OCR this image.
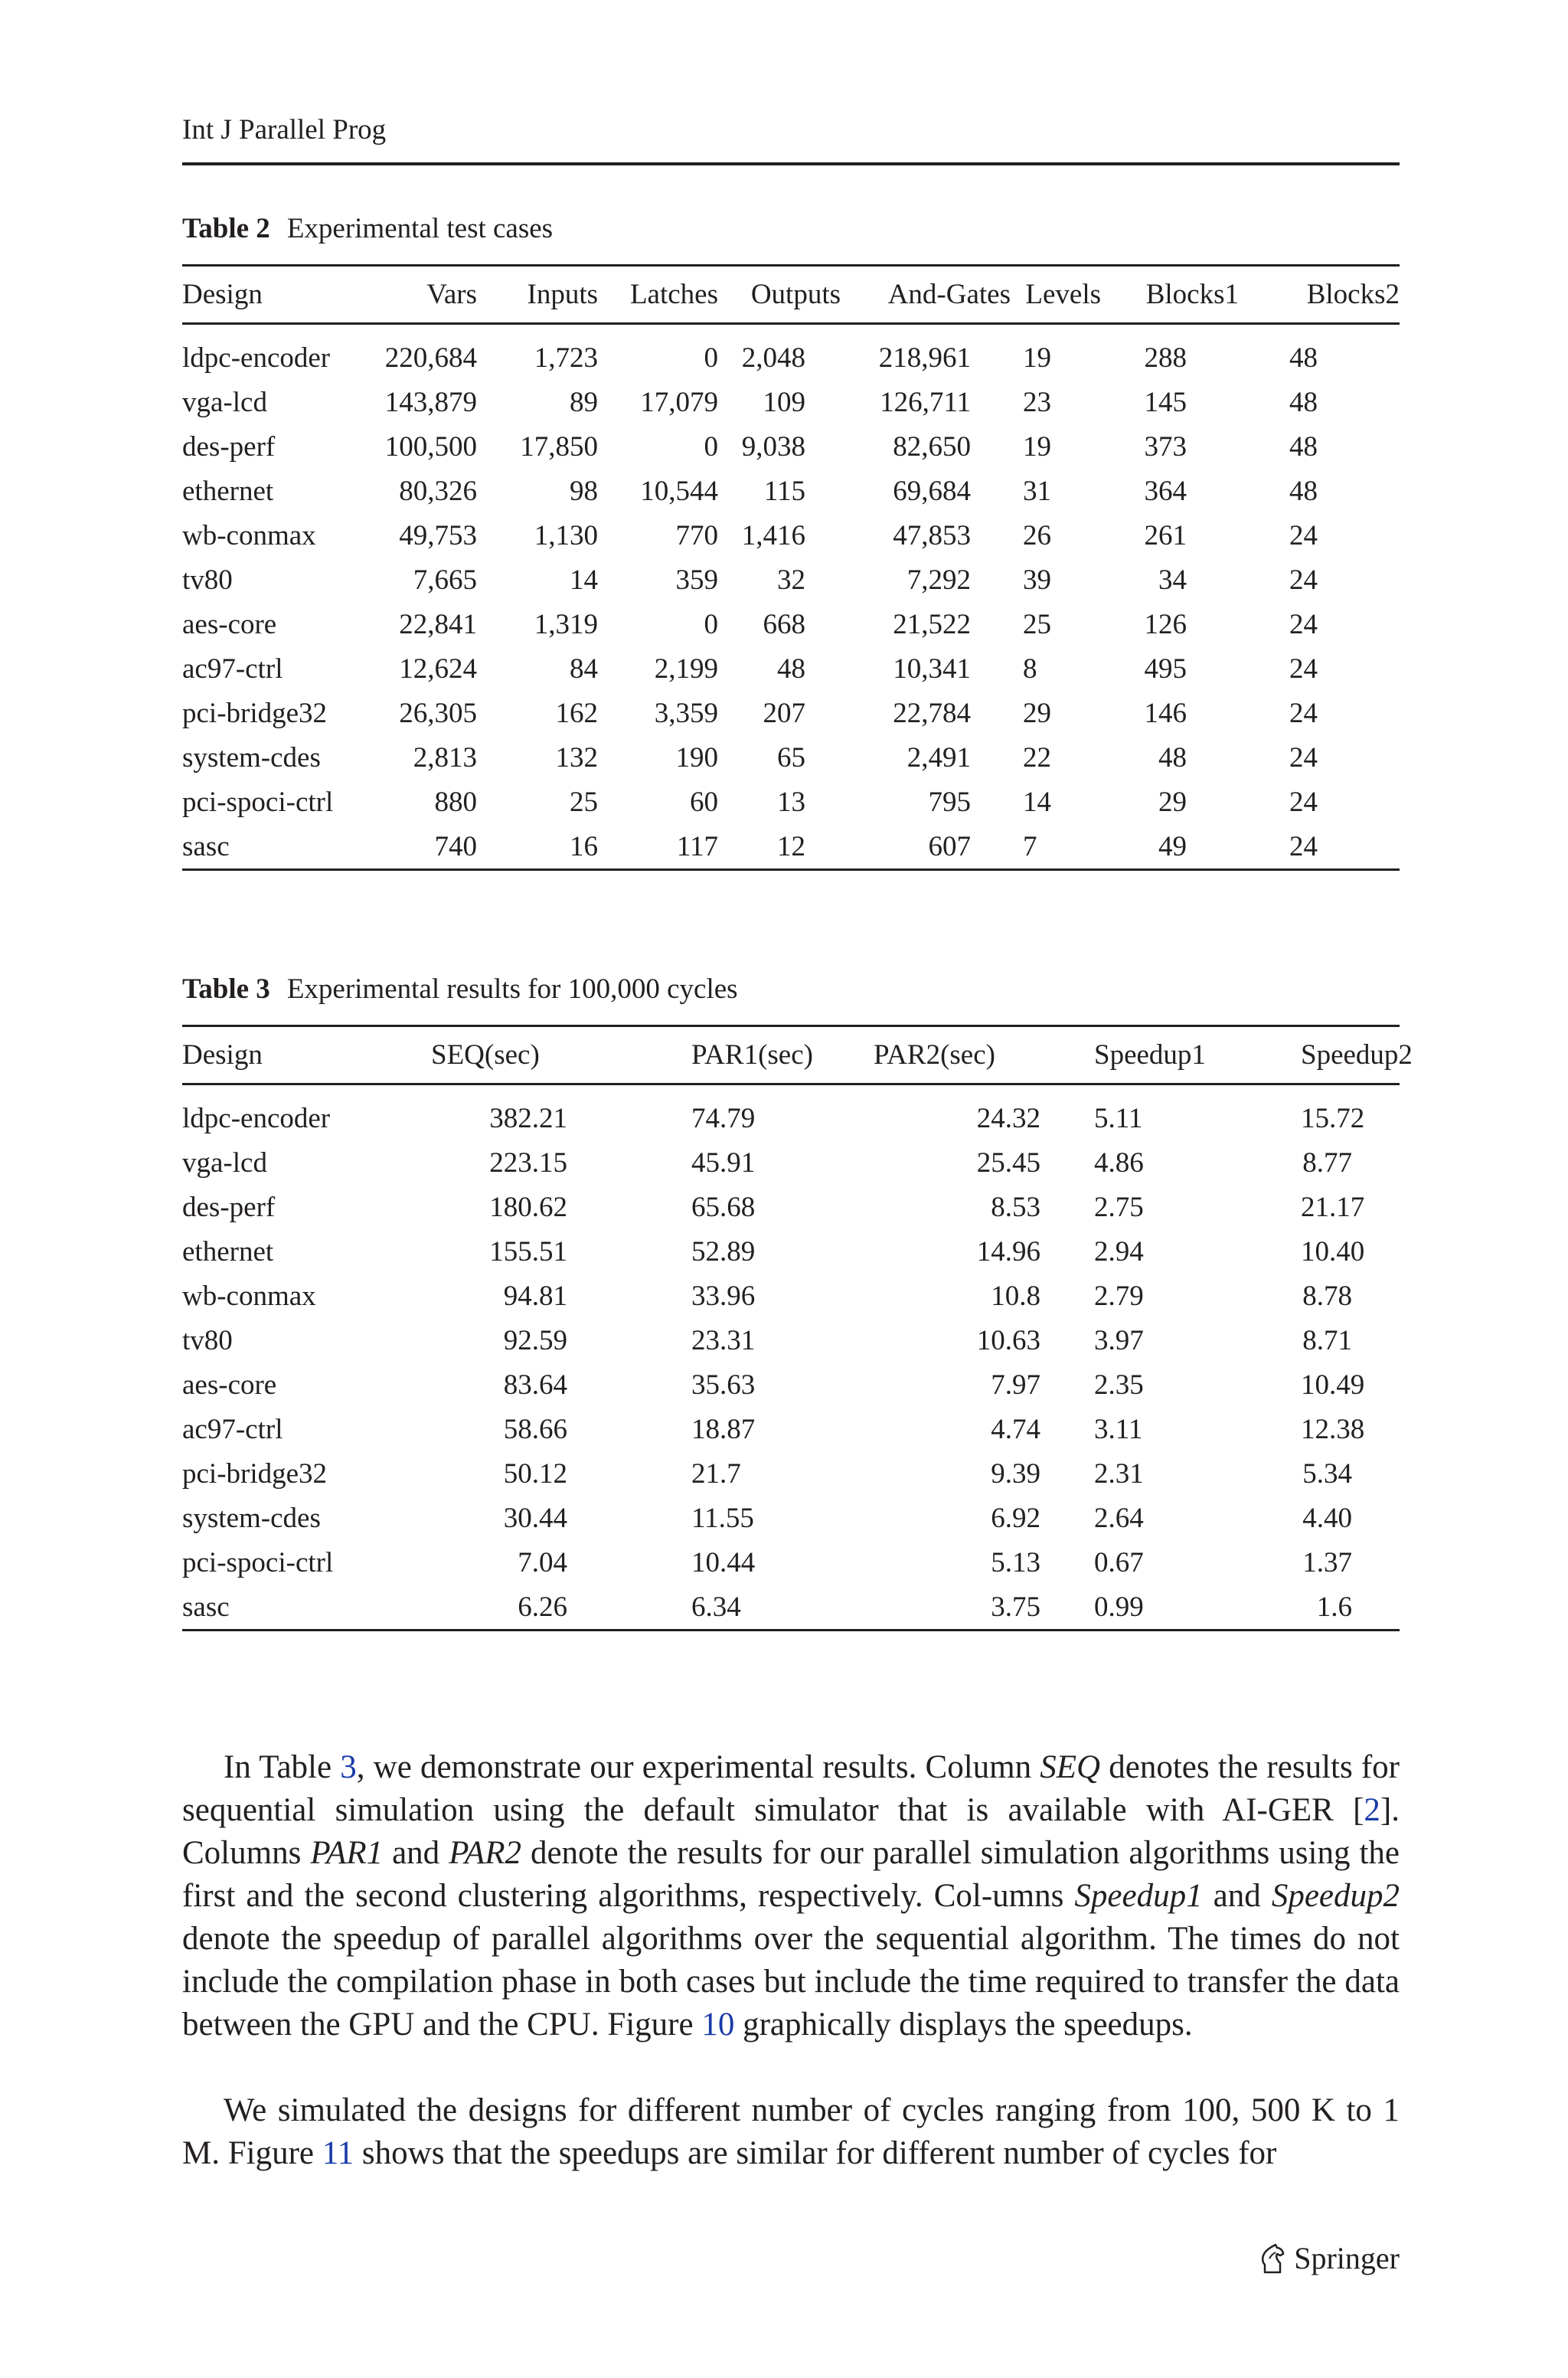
Int J Parallel Prog
Table 2 Experimental test cases
Design	Vars	Inputs	Latches	Outputs	And-Gates	Levels	Blocks1	Blocks2
ldpc-encoder	220,684	1,723	0	2,048	218,961	19	288	48
vga-lcd	143,879	89	17,079	109	126,711	23	145	48
des-perf	100,500	17,850	0	9,038	82,650	19	373	48
ethernet	80,326	98	10,544	115	69,684	31	364	48
wb-conmax	49,753	1,130	770	1,416	47,853	26	261	24
tv80	7,665	14	359	32	7,292	39	34	24
aes-core	22,841	1,319	0	668	21,522	25	126	24
ac97-ctrl	12,624	84	2,199	48	10,341	8	495	24
pci-bridge32	26,305	162	3,359	207	22,784	29	146	24
system-cdes	2,813	132	190	65	2,491	22	48	24
pci-spoci-ctrl	880	25	60	13	795	14	29	24
sasc	740	16	117	12	607	7	49	24
Table 3 Experimental results for 100,000 cycles
Design	SEQ(sec)	PAR1(sec)	PAR2(sec)	Speedup1	Speedup2
ldpc-encoder	382.21	74.79	24.32	5.11	15.72
vga-lcd	223.15	45.91	25.45	4.86	8.77
des-perf	180.62	65.68	8.53	2.75	21.17
ethernet	155.51	52.89	14.96	2.94	10.40
wb-conmax	94.81	33.96	10.8	2.79	8.78
tv80	92.59	23.31	10.63	3.97	8.71
aes-core	83.64	35.63	7.97	2.35	10.49
ac97-ctrl	58.66	18.87	4.74	3.11	12.38
pci-bridge32	50.12	21.7	9.39	2.31	5.34
system-cdes	30.44	11.55	6.92	2.64	4.40
pci-spoci-ctrl	7.04	10.44	5.13	0.67	1.37
sasc	6.26	6.34	3.75	0.99	1.6
In Table 3, we demonstrate our experimental results. Column SEQ denotes the results for sequential simulation using the default simulator that is available with AI-GER [2]. Columns PAR1 and PAR2 denote the results for our parallel simulation algorithms using the first and the second clustering algorithms, respectively. Col-umns Speedup1 and Speedup2 denote the speedup of parallel algorithms over the sequential algorithm. The times do not include the compilation phase in both cases but include the time required to transfer the data between the GPU and the CPU. Figure 10 graphically displays the speedups.
We simulated the designs for different number of cycles ranging from 100, 500 K to 1 M. Figure 11 shows that the speedups are similar for different number of cycles for
Springer
